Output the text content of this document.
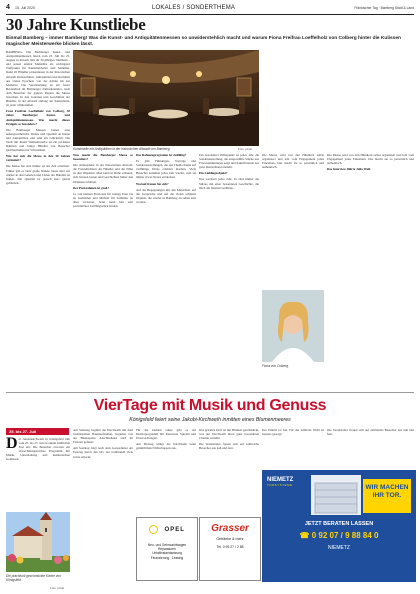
4 15. Juli 2020	LOKALES / SONDERTHEMA	Fränkischer Tag · Bamberg Stadt & Land
30 Jahre Kunstliebe
Einmal Bamberg – immer Bamberg! Was die Kunst- und Antiquitätenmessen so unwiderstehlich macht und warum Fiona Freifrau Loeffelholz von Colberg hinter die Kulissen magischer Meisterwerke blicken lässt.

BAMBERG. Die Bamberger Kunst- und Antiquitätenmessen feiern vom 23. Juli bis 23. August in diesem Jahr ihr 30-jähriges Jubiläum – und setzen einmal Maßstäbe als wichtigster Treffpunkt für Kunstliebhaber und Sammler. Rund 20 Händler präsentieren in der historischen Altstadt Kunstschätze, Antiquitäten und Raritäten aus vielen Epochen, von der Antike bis zur Moderne. Die Veranstaltung ist ein fester Bestandteil im Bamberger Kulturkalender, nach dem Besucher der ganzen Region die Messe besuchen. In den Galerien und Geschäften der Händler, in der Altstadt entlang der Kunstmeile, ist jeder willkommen.

Frau Freifrau Loeffelholz von Colberg, 30 Jahre Bamberger Kunst- und Antiquitätenmessen. Was macht dieses Ereignis so besonders?

Die Bamberger Messen bieten eine außergewöhnliche Dichte und Qualität an Kunst und Antiquitäten und sind ein Glücksfall. Die Stadt mit ihrem Weltkulturerbe ist ein perfekter Rahmen und bringt Händler wie Besucher gleichermaßen ins Schwärmen.

Wie hat sich die Messe in den 30 Jahren verändert?

Die Messe hat sich immer an der Zeit orientiert. Früher gab es viele große Stände, heute sind wir stärker in den Galerien und Läden der Händler zu finden. Die Qualität ist jedoch stets gleich geblieben.

Kunstmeile mit Antiquitäten in der historischen Altstadt von Bamberg.	Foto: privat

Was macht die Bamberger Messe so besonders?

Die Atmosphäre in der historischen Altstadt, die Freundlichkeit der Händler und die Nähe zu den Objekten. Man kann in Ruhe schauen, sich beraten lassen und Geschichten hinter den Objekten erfahren.

Der Preisrahmen ist groß?

Ja, von kleinen Preziosen für wenige Euro bis zu Gemälden und Möbeln für Sammler ist alles vertreten. Jeder kann hier sein persönliches Lieblingsstück finden.

Das Rahmenprogramm ist vielfältig?

Es gibt Führungen, Vorträge und Sonderausstellungen, die das Thema Kunst auf vielfältige Weise erlebbar machen. Viele Besucher kommen jedes Jahr wieder, weil sie immer etwas Neues entdecken.

Worauf freuen Sie sich?

Auf die Begegnungen mit den Menschen, auf die Gespräche und auf die vielen schönen Objekte, die wieder in Bamberg zu sehen sein werden.

Ein besonderer Höhepunkt ist jedes Jahr die Sonderausstellung, die ausgewählte Stücke aus Privatsammlungen zeigt und Kunstfreunde aus ganz Deutschland anzieht.

Ein Lieblingsobjekt?

Das wechselt jedes Jahr. Es sind immer die Stücke mit einer besonderen Geschichte, die mich am meisten berühren.

Die Messe wird von den Händlern selbst organisiert und lebt vom Engagement jedes Einzelnen. Das macht sie so persönlich und authentisch.

Fiona von Colberg.

Die Messe wird von den Händlern selbst organisiert und lebt vom Engagement jedes Einzelnen. Das macht sie so persönlich und authentisch.

Das Interview führte Julia Wolf.

VierTage mit Musik und Genuss
Königsfeld feiert seine Jakobi-Kirchweih inmitten eines Blumenmeeres
25. bis 27. Juli
D er Jakobikirchweih in Königsfeld lädt vom 25. bis 27. Juli zu einem fröhlichen Fest ein. Die Besucher erwartet ein abwechslungsreiches Programm mit Musik, Unterhaltung und kulinarischen Genüssen.

Am Samstag beginnt die Kirchweih mit dem traditionellen Baumaufstellen, begleitet von der Blaskapelle. Anschließend wird im Festzelt gefeiert.

Am Sonntag folgt nach dem Gottesdienst der Festzug durch den Ort, der traditionell viele Gäste anlockt.

Für die kleinen Gäste gibt es ein Kinderprogramm mit Karussell, Spielen und Überraschungen.

Am Montag klingt die Kirchweih beim gemütlichen Frühschoppen aus.

Das gesamte Dorf ist mit Blumen geschmückt, was der Kirchweih ihren ganz besonderen Charme verleiht.

Die Veranstalter freuen sich auf zahlreiche Besucher aus nah und fern.

Der Eintritt ist frei. Für das leibliche Wohl ist bestens gesorgt.

Die Veranstalter freuen sich auf zahlreiche Besucher aus nah und fern.

Die prachtvoll geschmückte Kirche von Königsfeld.
Foto: privat
OPEL
Neu- und Gebrauchtwagen
Reparaturen
Unfallinstandsetzung
Finanzierung · Leasing
Grasser
Getränke & mehr
Tel. 0 95 27 / 2 88
NIEMETZ
TORSYSTEME	WIR MACHEN IHR TOR.
JETZT BERATEN LASSEN
☎ 0 92 07 / 9 88 84 0
NIEMETZ
